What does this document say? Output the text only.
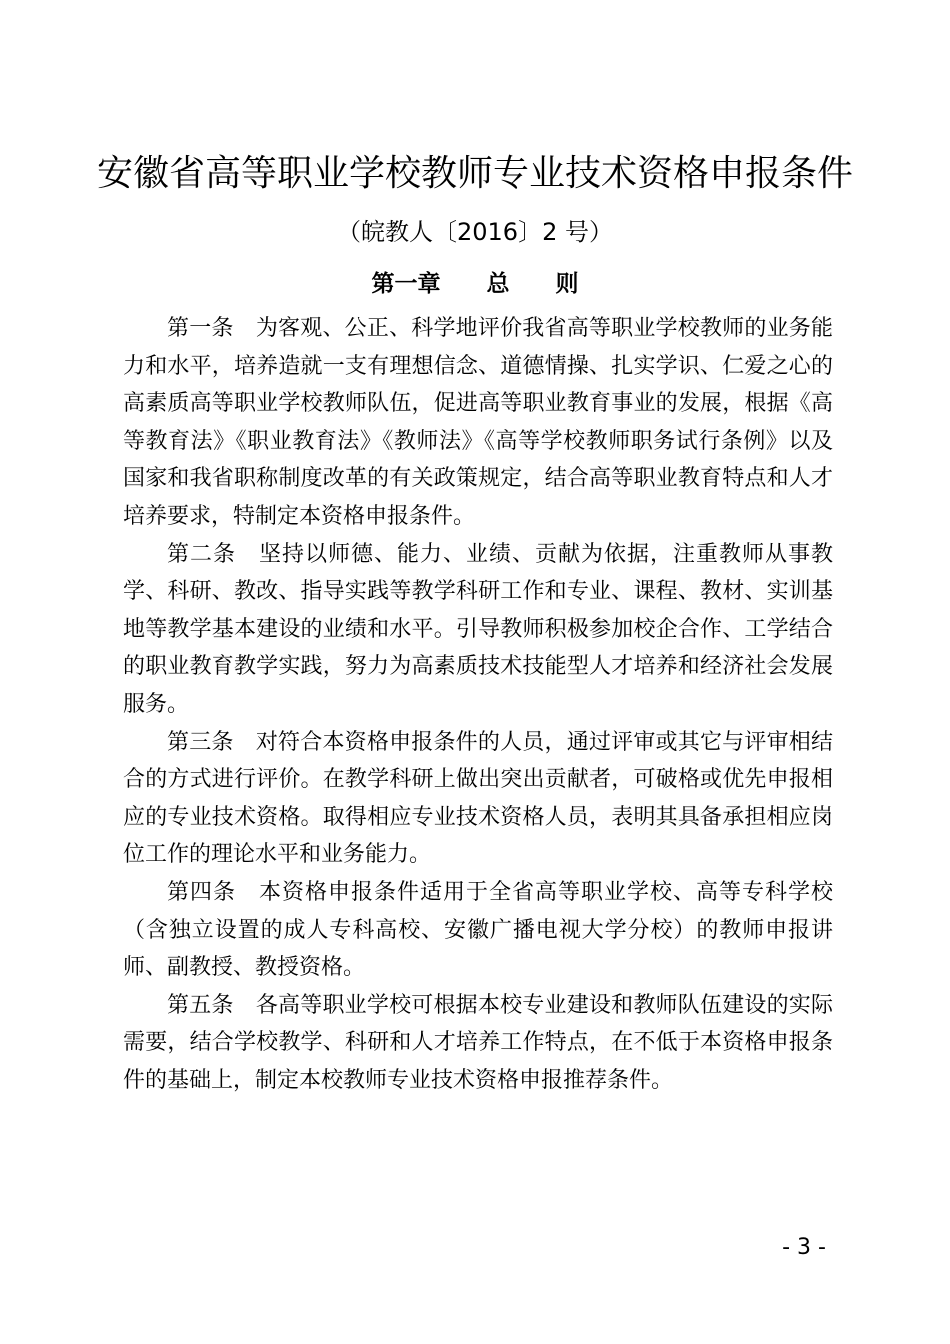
安徽省高等职业学校教师专业技术资格申报条件
（皖教人〔2016〕2 号）
第一章　　总　　则

第一条　为客观、公正、科学地评价我省高等职业学校教师的业务能力和水平，培养造就一支有理想信念、道德情操、扎实学识、仁爱之心的高素质高等职业学校教师队伍，促进高等职业教育事业的发展，根据《高等教育法》《职业教育法》《教师法》《高等学校教师职务试行条例》以及国家和我省职称制度改革的有关政策规定，结合高等职业教育特点和人才培养要求，特制定本资格申报条件。

第二条　坚持以师德、能力、业绩、贡献为依据，注重教师从事教学、科研、教改、指导实践等教学科研工作和专业、课程、教材、实训基地等教学基本建设的业绩和水平。引导教师积极参加校企合作、工学结合的职业教育教学实践，努力为高素质技术技能型人才培养和经济社会发展服务。

第三条　对符合本资格申报条件的人员，通过评审或其它与评审相结合的方式进行评价。在教学科研上做出突出贡献者，可破格或优先申报相应的专业技术资格。取得相应专业技术资格人员，表明其具备承担相应岗位工作的理论水平和业务能力。

第四条　本资格申报条件适用于全省高等职业学校、高等专科学校（含独立设置的成人专科高校、安徽广播电视大学分校）的教师申报讲师、副教授、教授资格。

第五条　各高等职业学校可根据本校专业建设和教师队伍建设的实际需要，结合学校教学、科研和人才培养工作特点，在不低于本资格申报条件的基础上，制定本校教师专业技术资格申报推荐条件。

- 3 -
